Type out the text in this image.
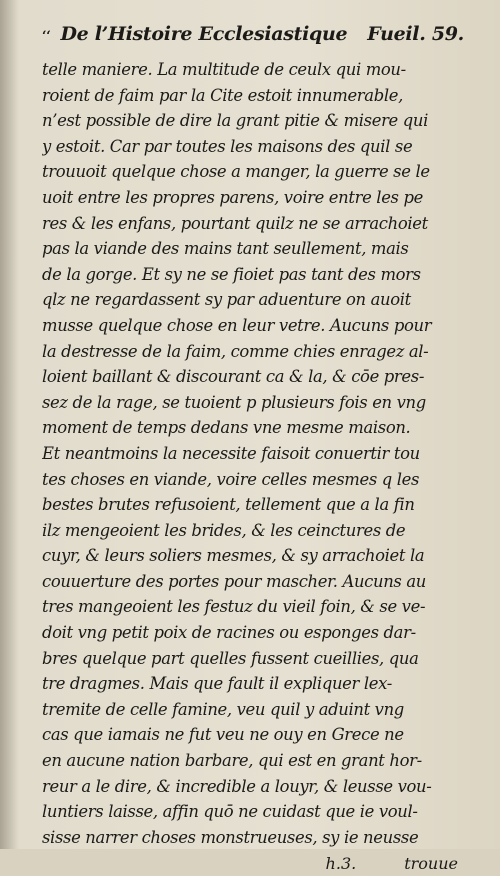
ʻʻ De l’Histoire Ecclesiastique	Fueil. 59.
telle maniere. La multitude de ceulx qui mou-
roient de faim par la Cite estoit innumerable,
n’est possible de dire la grant pitie & misere qui
y estoit. Car par toutes les maisons des quil se
trouuoit quelque chose a manger, la guerre se le
uoit entre les propres parens, voire entre les pe
res & les enfans, pourtant quilz ne se arrachoiet
pas la viande des mains tant seullement, mais
de la gorge. Et sy ne se fioiet pas tant des mors
qlz ne regardassent sy par aduenture on auoit
musse quelque chose en leur vetre. Aucuns pour
la destresse de la faim, comme chies enragez al-
loient baillant & discourant ca & la, & cōe pres-
sez de la rage, se tuoient p plusieurs fois en vng
moment de temps dedans vne mesme maison.
Et neantmoins la necessite faisoit conuertir tou
tes choses en viande, voire celles mesmes q les
bestes brutes refusoient, tellement que a la fin
ilz mengeoient les brides, & les ceinctures de
cuyr, & leurs soliers mesmes, & sy arrachoiet la
couuerture des portes pour mascher. Aucuns au
tres mangeoient les festuz du vieil foin, & se ve-
doit vng petit poix de racines ou esponges dar-
bres quelque part quelles fussent cueillies, qua
tre dragmes. Mais que fault il expliquer lex-
tremite de celle famine, veu quil y aduint vng
cas que iamais ne fut veu ne ouy en Grece ne
en aucune nation barbare, qui est en grant hor-
reur a le dire, & incredible a louyr, & leusse vou-
luntiers laisse, affin quō ne cuidast que ie voul-
sisse narrer choses monstrueuses, sy ie neusse
h.3.	trouue
